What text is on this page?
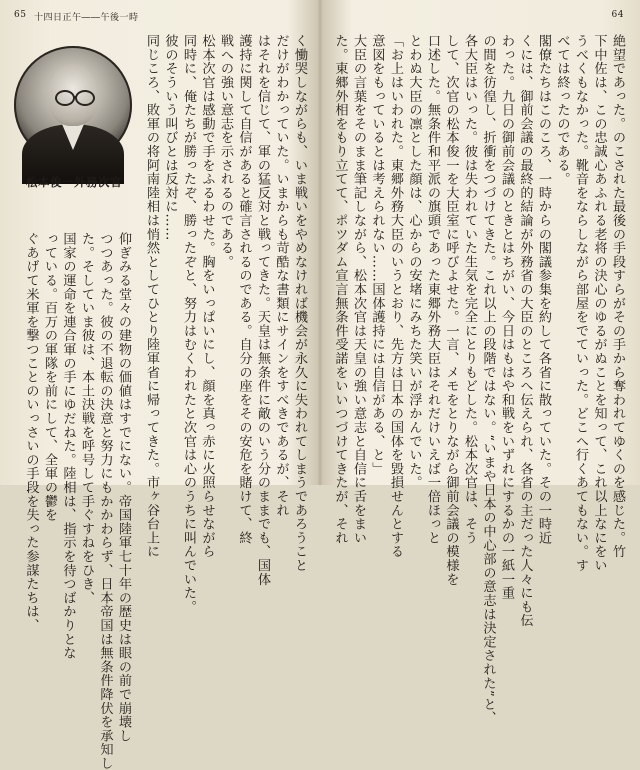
65 十四日正午――午後一時	64
絶望であった。のこされた最後の手段すらがその手から奪われてゆくのを感じた。竹
下中佐は、この忠誠心あふれる老将の決心のゆるがぬことを知って、これ以上なにをい
うべくもなかった。靴音をならしながら部屋をでていった。どこへ行くあてもない。す
べては終ったのである。
閣僚たちはこのころ、一時からの閣議参集を約して各省に散っていた。その一時近
くには、御前会議の最終的結論が外務省の大臣のところへ伝えられ、各省の主だった人々にも伝
わった。九日の御前会議のときとはちがい、今日はもはや和戦をいずれにするかの一紙一重
の間を彷徨し、折衝をつづけてきた。これ以上の段階ではない。“いまや日本の中心部の意志は決定された”と、
各大臣はいった。彼は失われていた生気を完全にとりもどした。松本次官は、そう
して、次官の松本俊一を大臣室に呼びよせた。一言、メモをとりながら御前会議の模様を
口述した。無条件和平派の旗頭であった東郷外務大臣はそれだけいえば一倍ほっと
とわぬ大臣の凛とした顔は、心からの安堵にみちた笑いが浮かんでいた。
「お上はいわれた。東郷外務大臣のいうとおり、先方は日本の国体を毀損せんとする
意図をもっているとは考えられない……国体護持には自信がある、と」
大臣の言葉をそのまま筆記しながら、松本次官は天皇の強い意志と自信に舌をまい
た。東郷外相をもり立てて、ポツダム宣言無条件受諾をいいつづけてきたが、それ
く慟哭しながらも、いま戦いをやめなければ機会が永久に失われてしまうであろうこと
だけがわかっていた。いまからも苛酷な書類にサインをすべきであるが、それ
はそれを信じて、軍の猛反対と戦ってきた。天皇は無条件に敵のいう分のままでも、国体
護持に関して自信があると確言されるのである。自分の座をその安危を賭けて、終
戦への強い意志を示されるのである。
松本次官は感動で手をふるわせた。胸をいっぱいにし、顔を真っ赤に火照らせながら
同時に、俺たちが勝ったぞ、勝ったぞと、努力はむくわれたと次官は心のうちに叫んでいた。
彼のそういう叫びとは反対に……
同じころ、敗軍の将阿南陸相は悄然としてひとり陸軍省に帰ってきた。市ヶ谷台上に
松本俊一外務次官
仰ぎみる堂々の建物の価値はすでにない。帝国陸軍七十年の歴史は眼の前で崩壊し
つつあった。彼の不退転の決意と努力にもかかわらず、日本帝国は無条件降伏を承知し
た。そしていま彼は、本土決戦を呼号して手ぐすねをひき、
国家の運命を連合軍の手にゆだねた。陸相は、指示を待つばかりとな
っている。百万の軍隊を前にして、全軍の鬱を
ぐあげて米軍を撃つことのいっさいの手段を失った参謀たちは、
